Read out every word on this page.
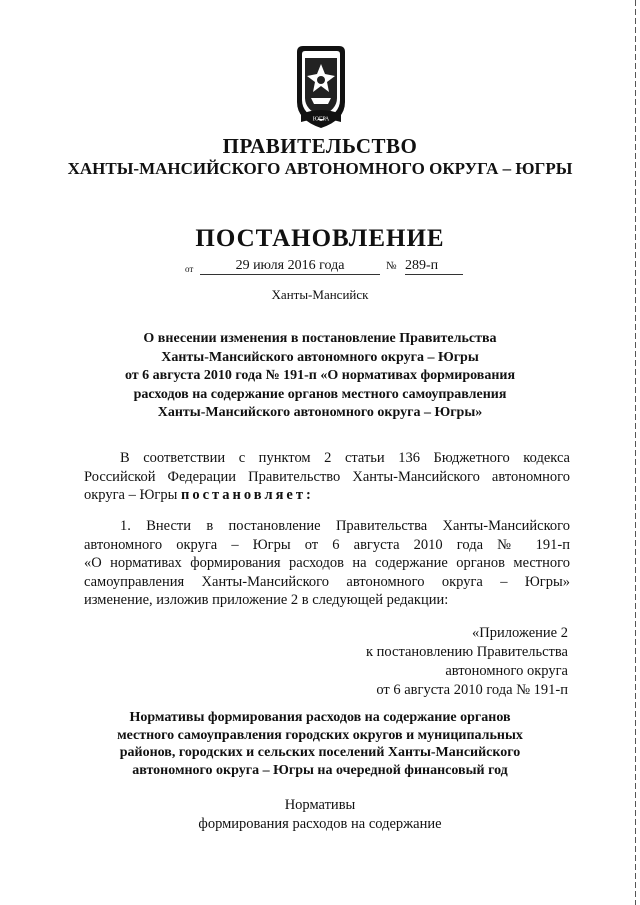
ЮГРА
ПРАВИТЕЛЬСТВО
ХАНТЫ-МАНСИЙСКОГО АВТОНОМНОГО ОКРУГА – ЮГРЫ
ПОСТАНОВЛЕНИЕ
от	29 июля 2016 года	№ 289-п
Ханты-Мансийск
О внесении изменения в постановление Правительства
Ханты-Мансийского автономного округа – Югры
от 6 августа 2010 года № 191-п «О нормативах формирования
расходов на содержание органов местного самоуправления
Ханты-Мансийского автономного округа – Югры»
В соответствии с пунктом 2 статьи 136 Бюджетного кодекса
Российской Федерации Правительство Ханты-Мансийского автономного
округа – Югры постановляет:
1. Внести в постановление Правительства Ханты-Мансийского
автономного округа – Югры от 6 августа 2010 года № 191-п
«О нормативах формирования расходов на содержание органов местного
самоуправления Ханты-Мансийского автономного округа – Югры»
изменение, изложив приложение 2 в следующей редакции:
«Приложение 2
к постановлению Правительства
автономного округа
от 6 августа 2010 года № 191-п
Нормативы формирования расходов на содержание органов
местного самоуправления городских округов и муниципальных
районов, городских и сельских поселений Ханты-Мансийского
автономного округа – Югры на очередной финансовый год
Нормативы
формирования расходов на содержание
